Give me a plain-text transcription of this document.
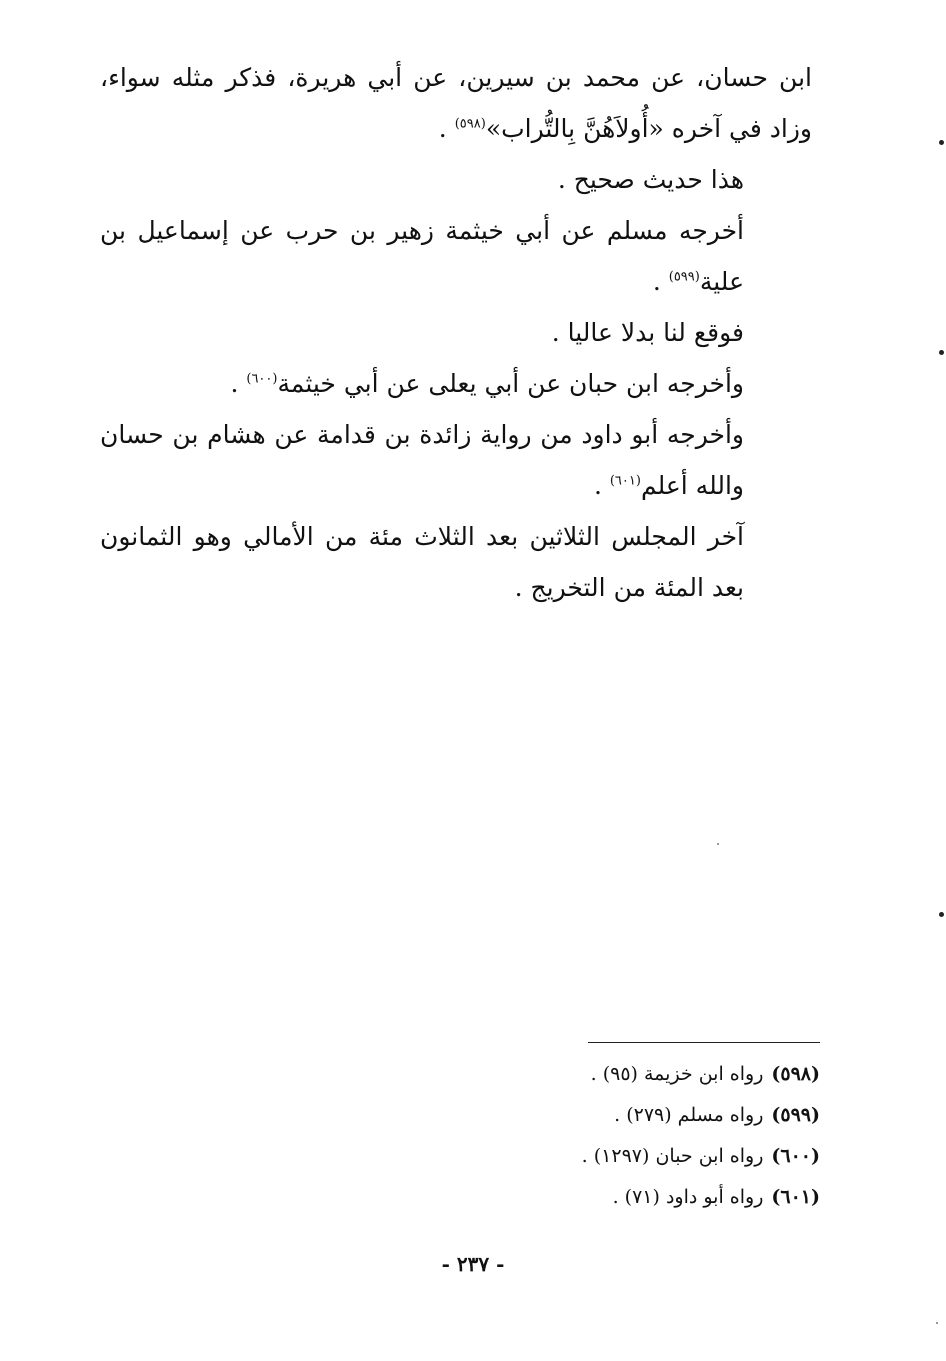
ابن حسان، عن محمد بن سيرين، عن أبي هريرة، فذكر مثله سواء، وزاد في آخره «أُولاَهُنَّ بِالتُّراب»$^{(٥٩٨)}$ .

هذا حديث صحيح .

أخرجه مسلم عن أبي خيثمة زهير بن حرب عن إسماعيل بن علية$^{(٥٩٩)}$ .

فوقع لنا بدلا عاليا .

وأخرجه ابن حبان عن أبي يعلى عن أبي خيثمة$^{(٦٠٠)}$ .

وأخرجه أبو داود من رواية زائدة بن قدامة عن هشام بن حسان والله أعلم$^{(٦٠١)}$ .

آخر المجلس الثلاثين بعد الثلاث مئة من الأمالي وهو الثمانون بعد المئة من التخريج .

(٥٩٨)رواه ابن خزيمة (٩٥) .

(٥٩٩)رواه مسلم (٢٧٩) .

(٦٠٠)رواه ابن حبان (١٢٩٧) .

(٦٠١)رواه أبو داود (٧١) .

- ٢٣٧ -
